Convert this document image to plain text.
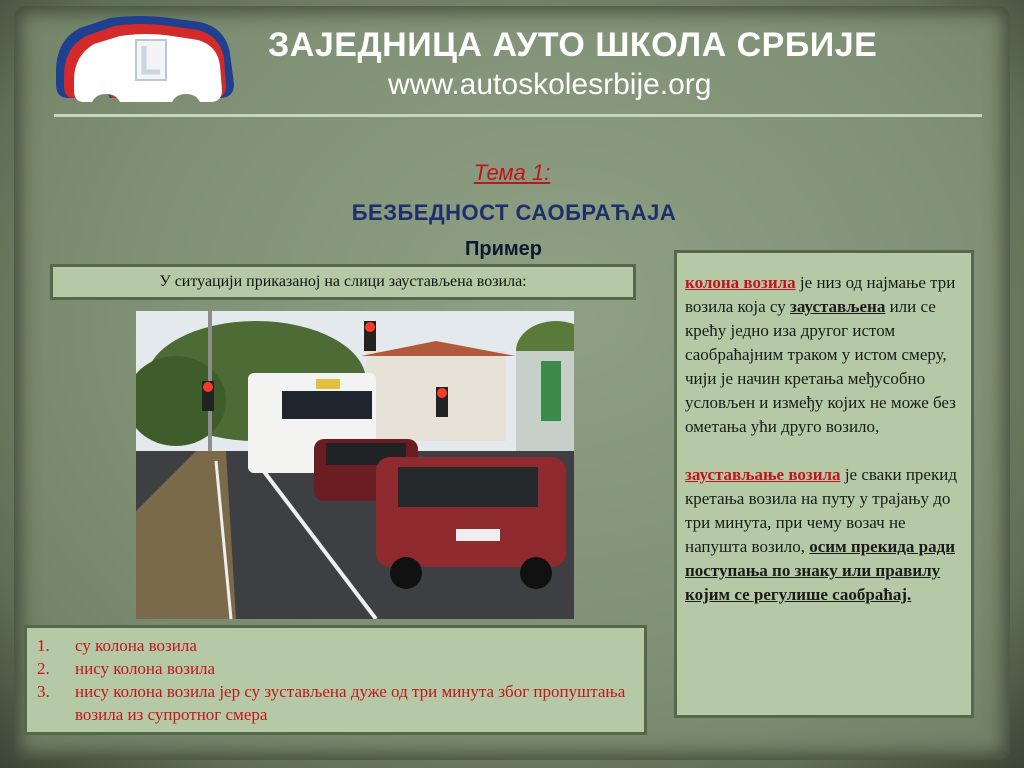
ЗАЈЕДНИЦА АУТО ШКОЛА СРБИЈЕ
www.autoskolesrbije.org
Тема 1:
БЕЗБЕДНОСТ САОБРАЋАЈА
Пример
У ситуацији приказаној на слици заустављена возила:
1.	су колона возила
2.	нису колона возила
3.	нису колона возила јер су зустављена дуже од три минута због пропуштања возила из супротног смера
колона возила је низ од најмање три возила која су заустављена или се крећу једно иза другог истом саобраћајним траком у истом смеру, чији је начин кретања међусобно условљен и између којих не може без ометања ући друго возило,
заустављање возила је сваки прекид кретања возила на путу у трајању до три минута, при чему возач не напушта возило, осим прекида ради поступања по знаку или правилу којим се регулише саобраћај.
